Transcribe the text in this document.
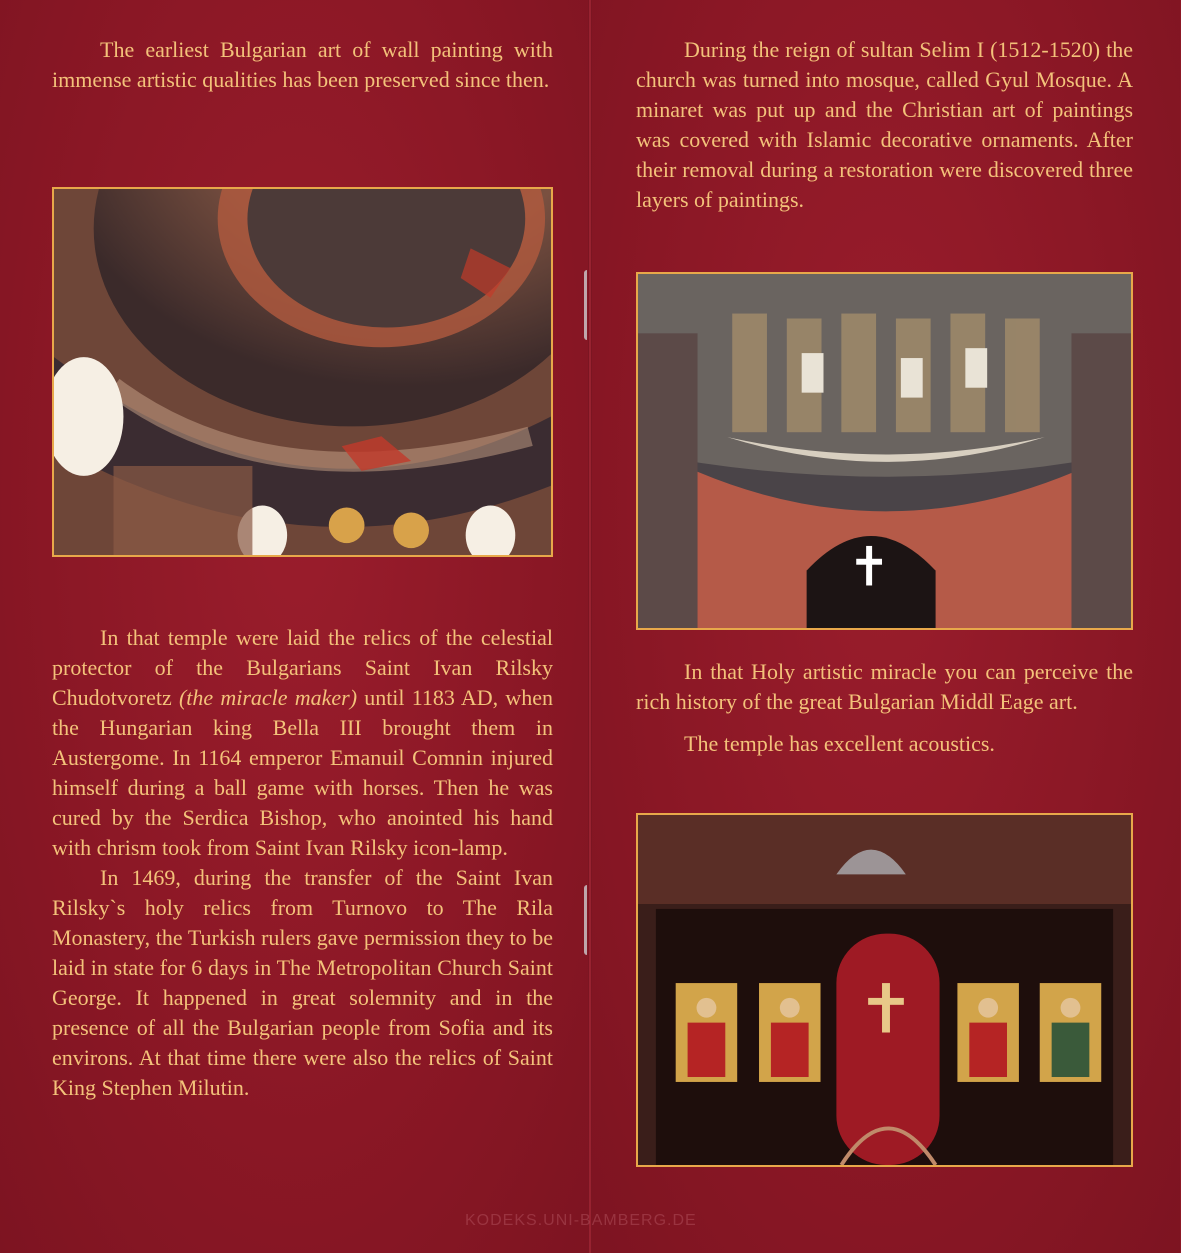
The earliest Bulgarian art of wall painting with immense artistic qualities has been preserved since then.

In that temple were laid the relics of the celestial protector of the Bulgarians Saint Ivan Rilsky Chudotvoretz (the miracle maker) until 1183 AD, when the Hungarian king Bella III brought them in Austergome. In 1164 emperor Emanuil Comnin injured himself during a ball game with horses. Then he was cured by the Serdica Bishop, who anointed his hand with chrism took from Saint Ivan Rilsky icon-lamp.

In 1469, during the transfer of the Saint Ivan Rilsky`s holy relics from Turnovo to The Rila Monastery, the Turkish rulers gave permission they to be laid in state for 6 days in The Metropolitan Church Saint George. It happened in great solemnity and in the presence of all the Bulgarian people from Sofia and its environs. At that time there were also the relics of Saint King Stephen Milutin.

During the reign of sultan Selim I (1512-1520) the church was turned into mosque, called Gyul Mosque. A minaret was put up and the Christian art of paintings was covered with Islamic decorative ornaments. After their removal during a restoration were discovered three layers of paintings.

In that Holy artistic miracle you can perceive the rich history of the great Bulgarian Middl Eage art.

The temple has excellent acoustics.

KODEKS.UNI-BAMBERG.DE
